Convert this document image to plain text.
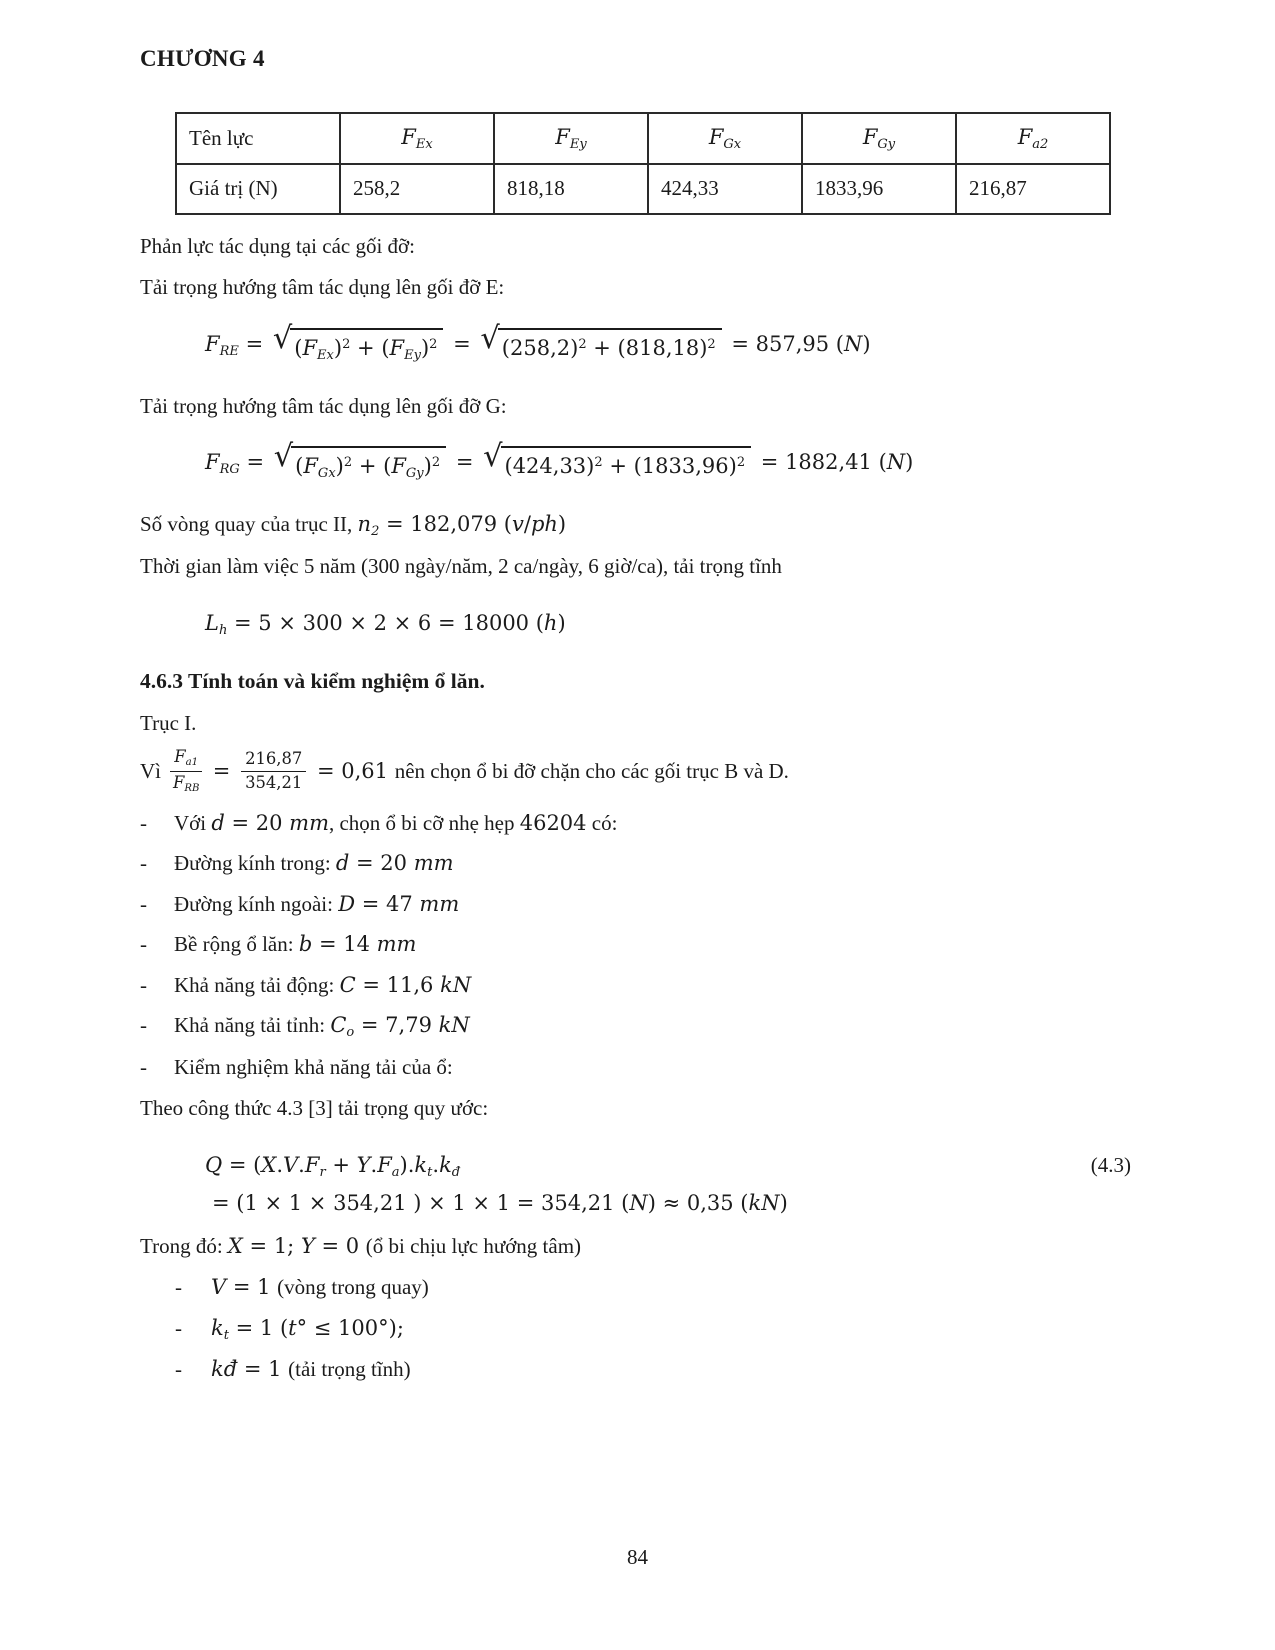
CHƯƠNG 4
Tên lực	$F_{Ex}$	$F_{Ey}$	$F_{Gx}$	$F_{Gy}$	$F_{a2}$
Giá trị (N)	258,2	818,18	424,33	1833,96	216,87

Phản lực tác dụng tại các gối đỡ:

Tải trọng hướng tâm tác dụng lên gối đỡ E:

$F_{RE}$ = √ $(F_{Ex})^2 + (F_{Ey})^2$ = √ $(258,2)^2 + (818,18)^2 = 857,95$ (N)

Tải trọng hướng tâm tác dụng lên gối đỡ G:

$F_{RG}$ = √ $(F_{Gx})^2 + (F_{Gy})^2$ = √ $(424,33)^2 + (1833,96)^2 = 1882,41$ (N)

Số vòng quay của trục II, $n_2 = 182,079$ (v/ph)

Thời gian làm việc 5 năm (300 ngày/năm, 2 ca/ngày, 6 giờ/ca), tải trọng tĩnh

$L_h = 5 \times 300 \times 2 \times 6 = 18000$ (h)

4.6.3 Tính toán và kiểm nghiệm ổ lăn.

Trục I.

Vì $\frac{F_{a1}}{F_{RB}} = \frac{216,87}{354,21} = 0,61$ nên chọn ổ bi đỡ chặn cho các gối trục B và D.

-	Với d = 20 mm, chọn ổ bi cỡ nhẹ hẹp 46204 có:
-	Đường kính trong: d = 20 mm
-	Đường kính ngoài: D = 47 mm
-	Bề rộng ổ lăn: b = 14 mm
-	Khả năng tải động: C = 11,6 kN
-	Khả năng tải tỉnh: $C_o = 7,79$ kN
-	Kiểm nghiệm khả năng tải của ổ:

Theo công thức 4.3 [3] tải trọng quy ước:

$Q = (X.V.F_r + Y.F_a).k_t.k_đ$	(4.3)
= (1 × 1 × 354,21 ) × 1 × 1 = 354,21 (N) ≈ 0,35 (kN)

Trong đó: X = 1; Y = 0 (ổ bi chịu lực hướng tâm)

-	V = 1 (vòng trong quay)
-	$k_t = 1$ (t° ≤ 100°);
-	kđ = 1 (tải trọng tĩnh)
84
